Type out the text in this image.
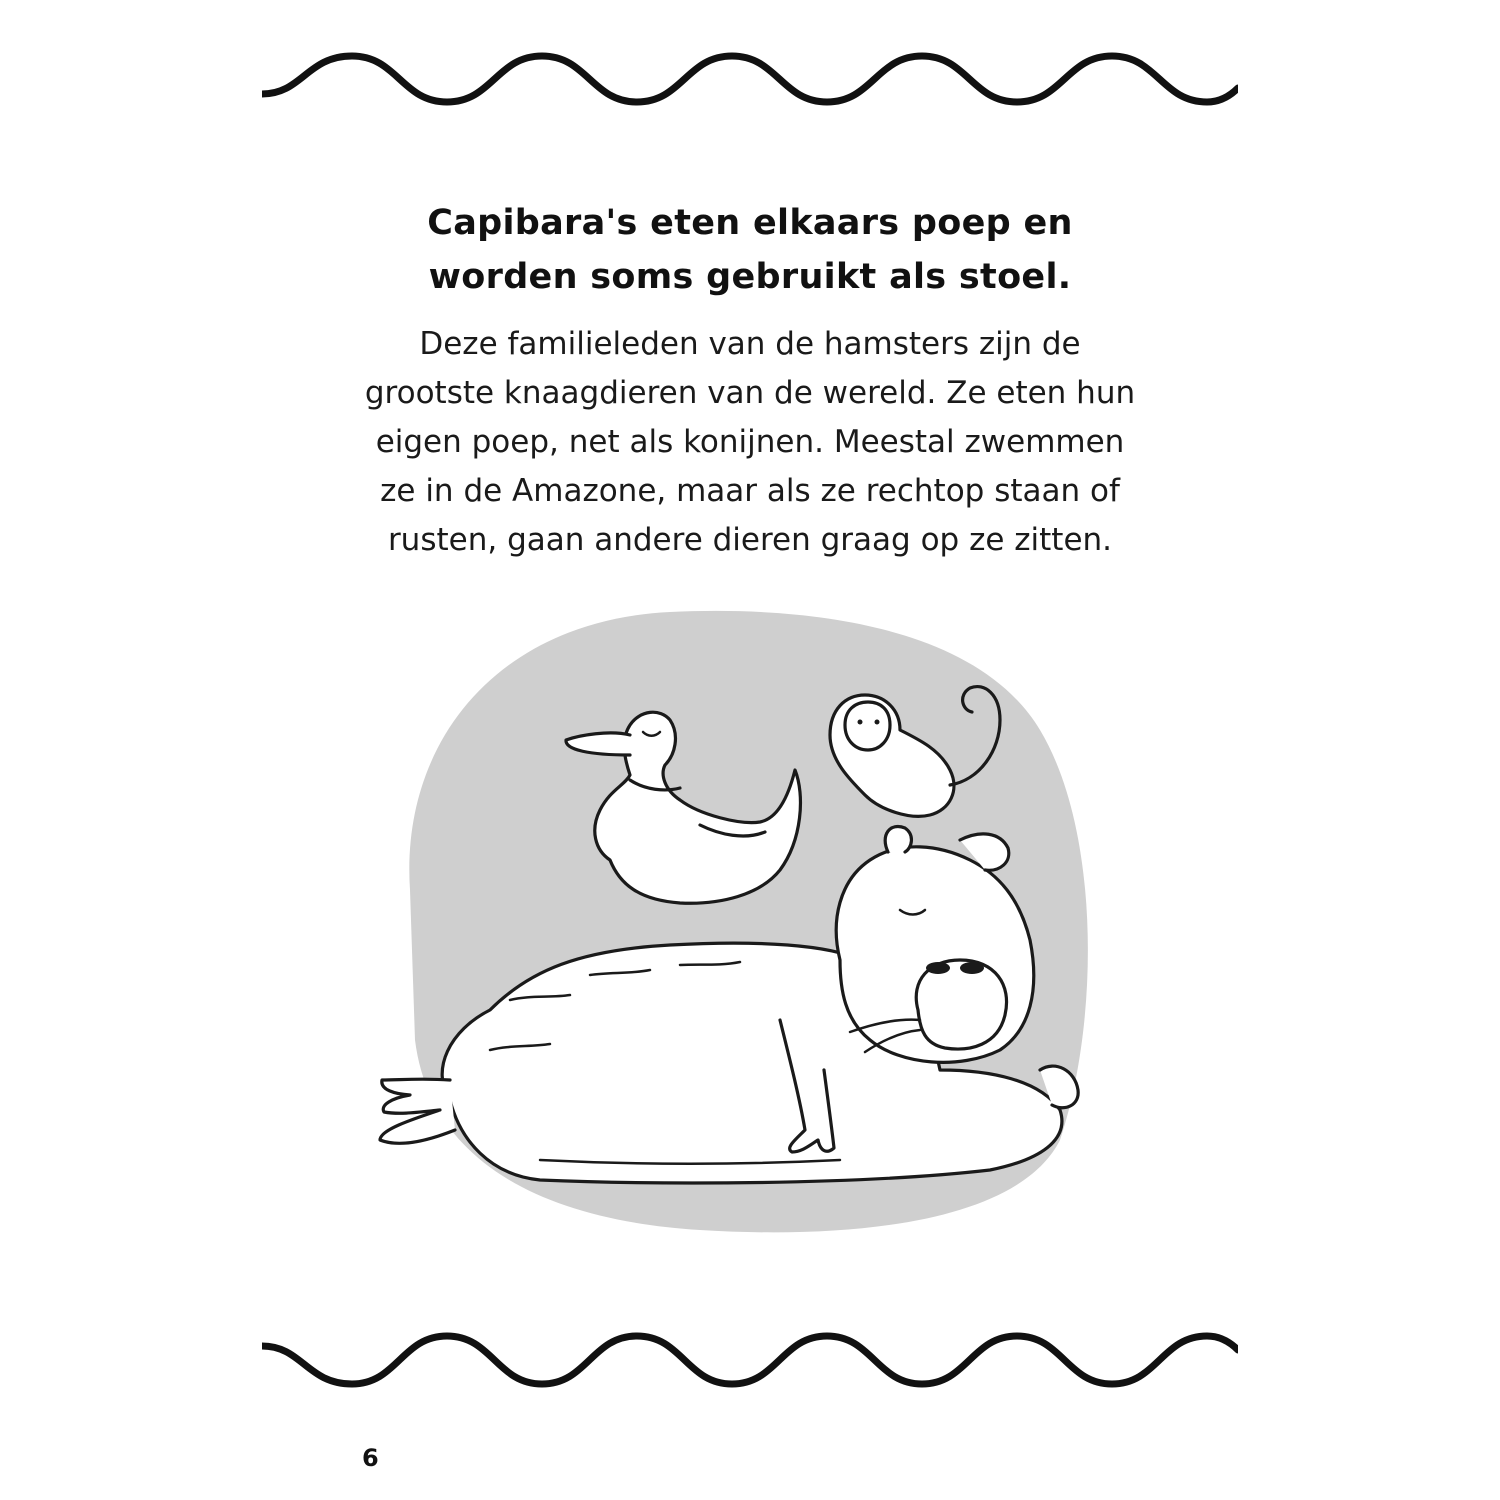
Capibara's eten elkaars poep en
worden soms gebruikt als stoel.

Deze familieleden van de hamsters zijn de
grootste knaagdieren van de wereld. Ze eten hun
eigen poep, net als konijnen. Meestal zwemmen
ze in de Amazone, maar als ze rechtop staan of
rusten, gaan andere dieren graag op ze zitten.

6
